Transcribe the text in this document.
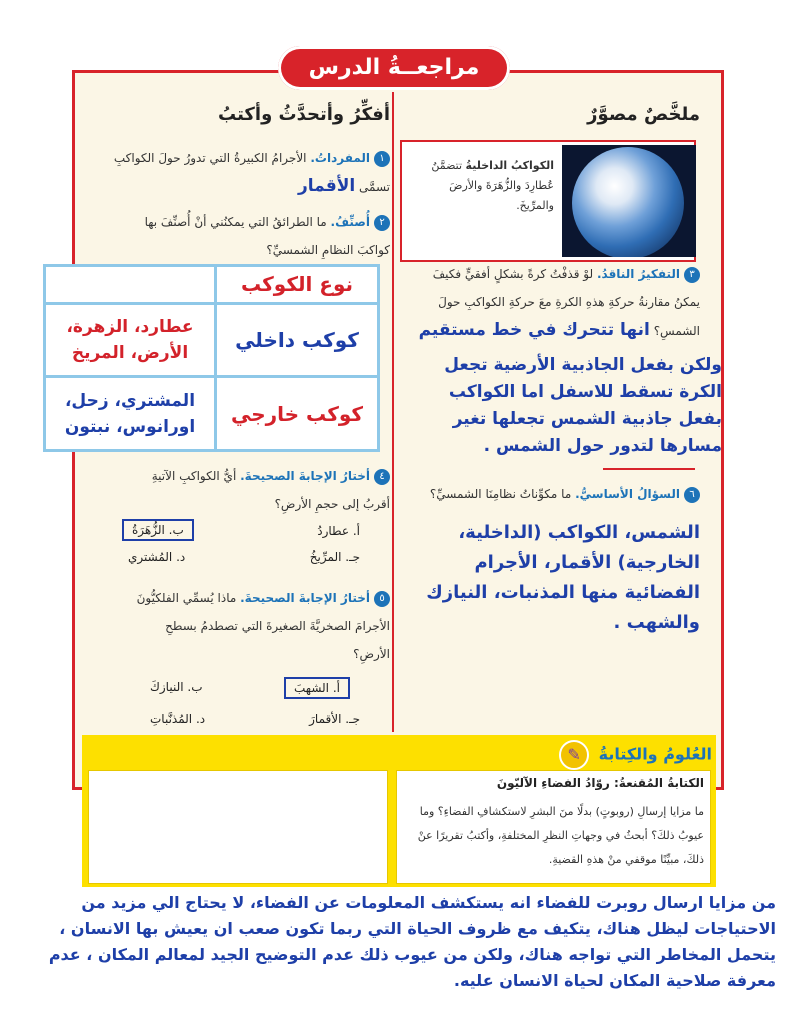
مراجعــةُ الدرس
ملخَّصٌ مصوَّرٌ
الكواكبُ الداخليةُ تتضمَّنُ عُطارِدَ والزُّهَرَةَ والأرضَ والمرِّيخَ.
٣التفكيرُ الناقدُ. لوْ قذفْتُ كرةً بشكلٍ أفقيٍّ فكيفَ
يمكنُ مقارنةُ حركةِ هذهِ الكرةِ معَ حركةِ الكواكبِ حولَ
الشمسِ؟ انها تتحرك في خط مستقيم
ولكن بفعل الجاذبية الأرضية تجعل الكرة تسقط للاسفل اما الكواكب بفعل جاذبية الشمس تجعلها تغير مسارها لتدور حول الشمس .
٦السؤالُ الأساسيُّ. ما مكوِّناتُ نظامِنَا الشمسيِّ؟
الشمس، الكواكب (الداخلية، الخارجية) الأقمار، الأجرام الفضائية منها المذنبات، النيازك والشهب .
أفكِّرُ وأتحدَّثُ وأكتبُ
١المفرداتُ. الأجرامُ الكبيرةُ التي تدورُ حولَ الكواكبِ
تسمَّى الأقمار
٢أُصنِّفُ. ما الطرائقُ التي يمكنُني أنْ أُصنِّفَ بها
كواكبَ النظامِ الشمسيِّ؟
نوع الكوكب	
كوكب داخلي	عطارد، الزهرة، الأرض، المريخ
كوكب خارجي	المشتري، زحل، اورانوس، نبتون
٤أختارُ الإجابةَ الصحيحةَ. أيُّ الكواكبِ الآتيةِ
أقربُ إلى حجمِ الأرضِ؟
أ. عطاردُ
ب. الزُّهَرَةُ
جـ. المرِّيخُ
د. المُشتري
٥أختارُ الإجابةَ الصحيحةَ. ماذا يُسمِّي الفلكيُّونَ
الأجرامَ الصخريَّةَ الصغيرةَ التي تصطدمُ بسطحِ
الأرضِ؟
أ. الشهبَ
ب. النيازكَ
جـ. الأقمارَ
د. المُذنَّباتِ
العُلومُ والكِتابةُ ✎
الكتابةُ المُقنعةُ: روّادُ الفضاءِ الآليّونَ
ما مزايا إرسالِ (روبوتٍ) بدلًا منَ البشرِ لاستكشافِ الفضاءِ؟ وما عيوبُ ذلكَ؟ أبحثُ في وجهاتِ النظرِ المختلفةِ، وأكتبُ تقريرًا عنْ ذلكَ، مبيِّنًا موقفي منْ هذهِ القضيةِ.
من مزايا ارسال روبرت للفضاء انه يستكشف المعلومات عن الفضاء، لا يحتاج الي مزيد من الاحتياجات ليظل هناك، يتكيف مع ظروف الحياة التي ربما تكون صعب ان يعيش بها الانسان ، يتحمل المخاطر التي تواجه هناك، ولكن من عيوب ذلك عدم التوضيح الجيد لمعالم المكان ، عدم معرفة صلاحية المكان لحياة الانسان عليه.
